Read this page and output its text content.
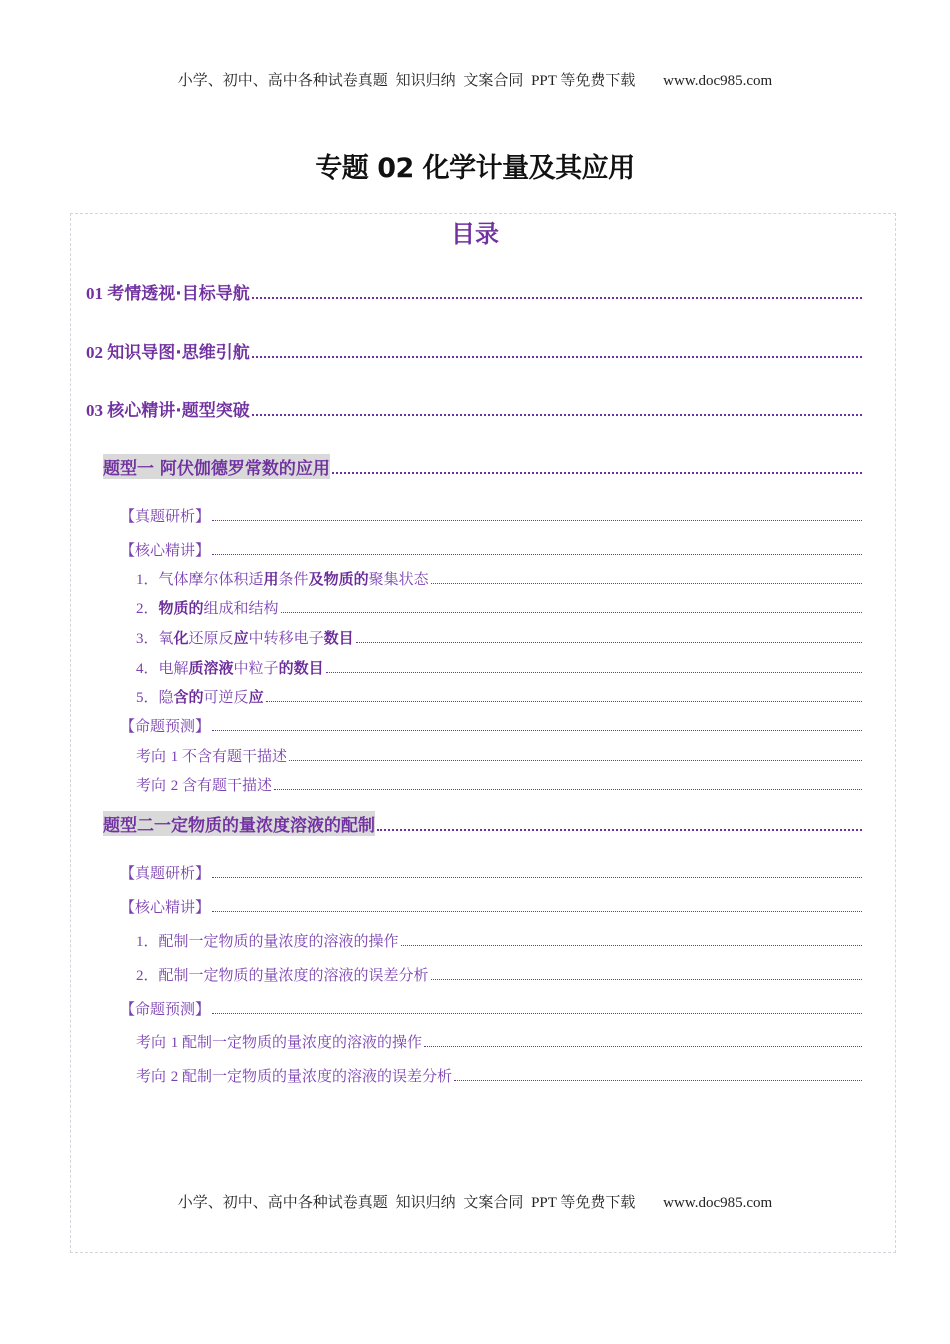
小学、初中、高中各种试卷真题 知识归纳 文案合同 PPT 等免费下载 www.doc985.com
专题 02 化学计量及其应用
目录
01 考情透视·目标导航
02 知识导图·思维引航
03 核心精讲·题型突破
题型一 阿伏伽德罗常数的应用
【真题研析】
【核心精讲】
1．气体摩尔体积适用条件及物质的聚集状态
2．物质的组成和结构
3．氧化还原反应中转移电子数目
4．电解质溶液中粒子的数目
5．隐含的可逆反应
【命题预测】
考向 1 不含有题干描述
考向 2 含有题干描述
题型二一定物质的量浓度溶液的配制
【真题研析】
【核心精讲】
1．配制一定物质的量浓度的溶液的操作
2．配制一定物质的量浓度的溶液的误差分析
【命题预测】
考向 1 配制一定物质的量浓度的溶液的操作
考向 2 配制一定物质的量浓度的溶液的误差分析
小学、初中、高中各种试卷真题 知识归纳 文案合同 PPT 等免费下载 www.doc985.com
